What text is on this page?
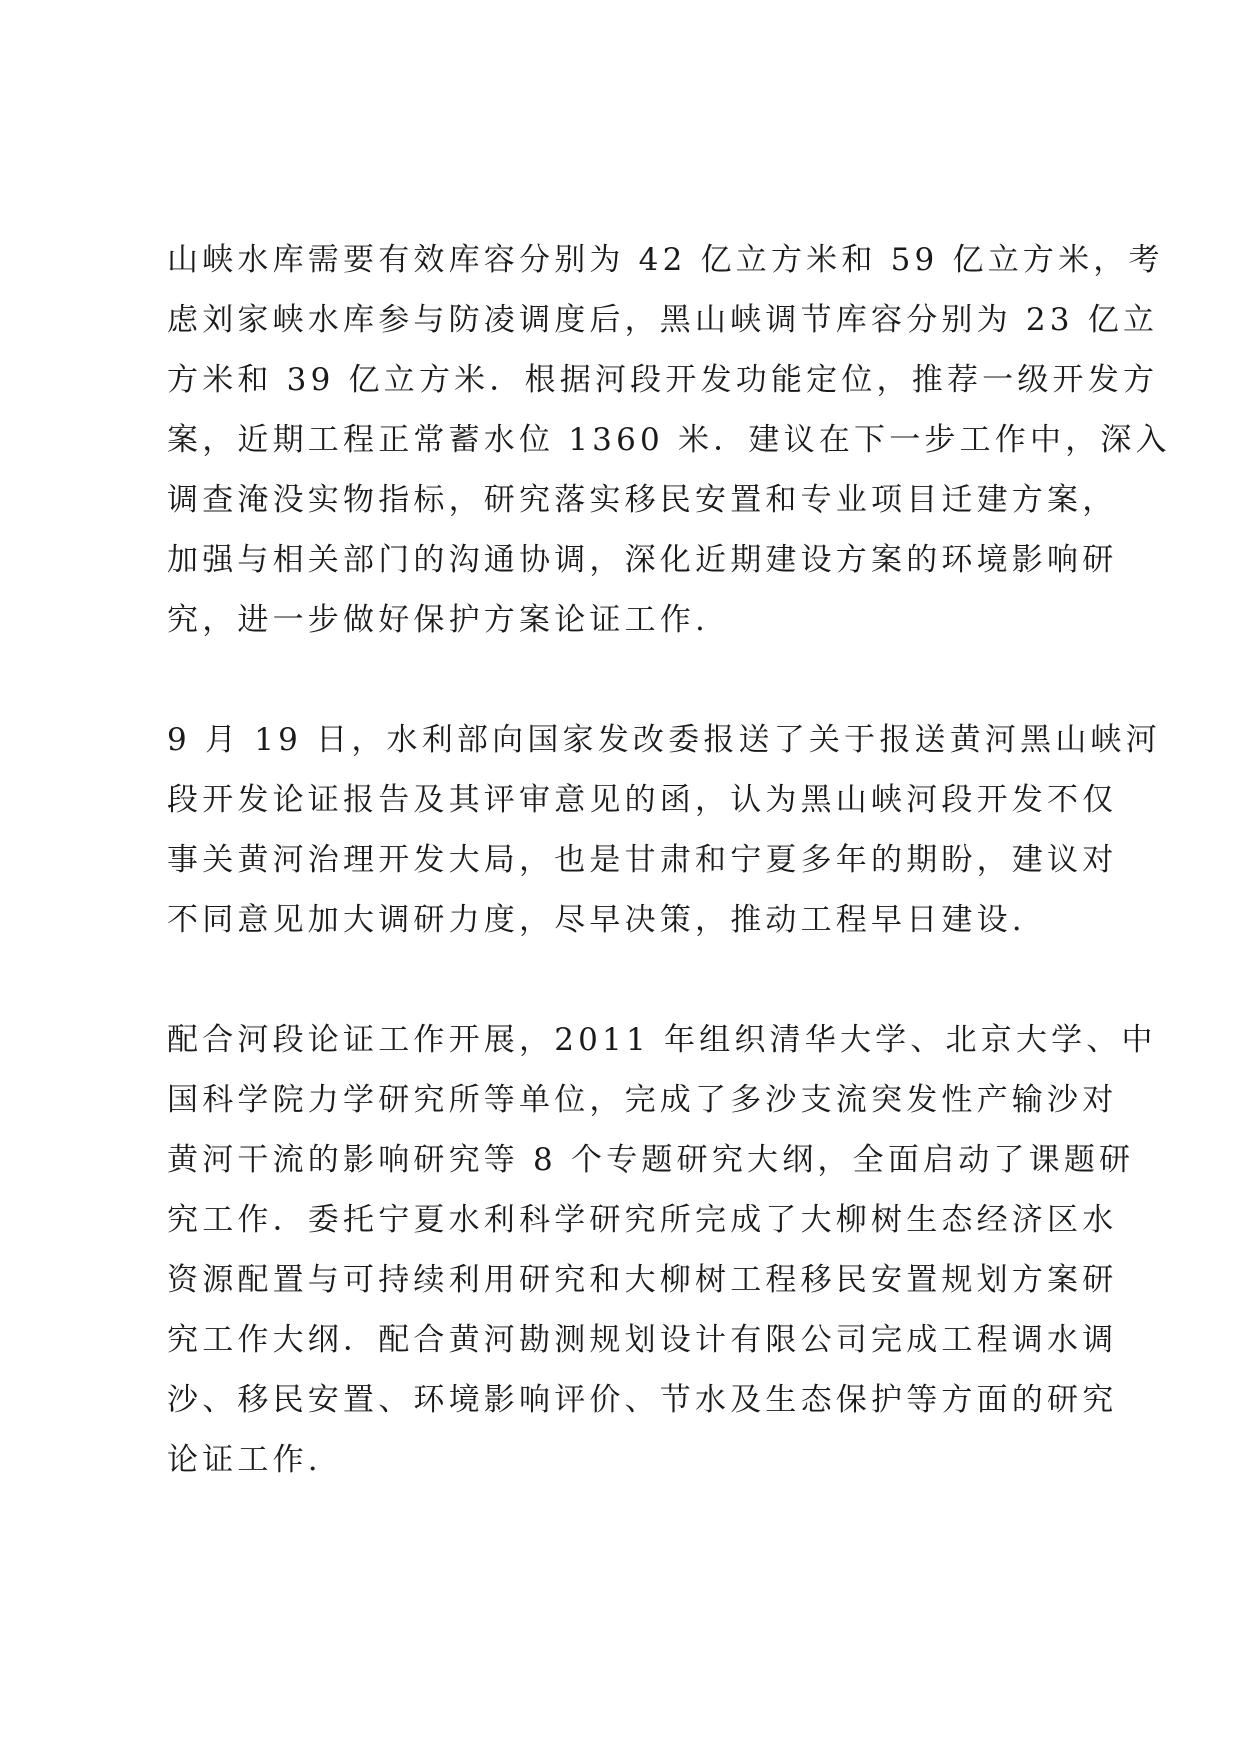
山峡水库需要有效库容分别为 42 亿立方米和 59 亿立方米，考
虑刘家峡水库参与防凌调度后，黑山峡调节库容分别为 23 亿立
方米和 39 亿立方米．根据河段开发功能定位，推荐一级开发方
案，近期工程正常蓄水位 1360 米．建议在下一步工作中，深入
调查淹没实物指标，研究落实移民安置和专业项目迁建方案，
加强与相关部门的沟通协调，深化近期建设方案的环境影响研
究，进一步做好保护方案论证工作.

9 月 19 日，水利部向国家发改委报送了关于报送黄河黑山峡河
段开发论证报告及其评审意见的函，认为黑山峡河段开发不仅
事关黄河治理开发大局，也是甘肃和宁夏多年的期盼，建议对
不同意见加大调研力度，尽早决策，推动工程早日建设.

配合河段论证工作开展，2011 年组织清华大学、北京大学、中
国科学院力学研究所等单位，完成了多沙支流突发性产输沙对
黄河干流的影响研究等 8 个专题研究大纲，全面启动了课题研
究工作．委托宁夏水利科学研究所完成了大柳树生态经济区水
资源配置与可持续利用研究和大柳树工程移民安置规划方案研
究工作大纲．配合黄河勘测规划设计有限公司完成工程调水调
沙、移民安置、环境影响评价、节水及生态保护等方面的研究
论证工作.
